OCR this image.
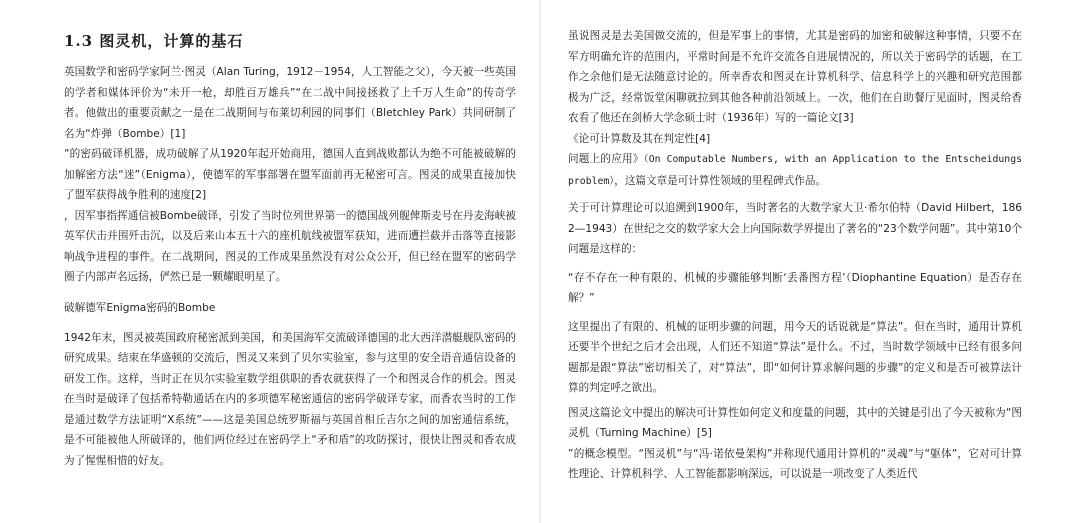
1.3 图灵机，计算的基石

英国数学和密码学家阿兰·图灵（Alan Turing，1912－1954，人工智能之父），今天被一些英国的学者和媒体评价为“未开一枪，却胜百万雄兵”“在二战中间接拯救了上千万人生命”的传奇学者。他做出的重要贡献之一是在二战期间与布莱切利园的同事们（Bletchley Park）共同研制了名为“炸弹（Bombe）[1]

”的密码破译机器，成功破解了从1920年起开始商用，德国人直到战败都认为绝不可能被破解的加解密方法“迷”（Enigma），使德军的军事部署在盟军面前再无秘密可言。图灵的成果直接加快了盟军获得战争胜利的速度[2]

，因军事指挥通信被Bombe破译，引发了当时位列世界第一的德国战列舰俾斯麦号在丹麦海峡被英军伏击并围歼击沉，以及后来山本五十六的座机航线被盟军获知，进而遭拦截并击落等直接影响战争进程的事件。在二战期间，图灵的工作成果虽然没有对公众公开，但已经在盟军的密码学圈子内部声名远扬，俨然已是一颗耀眼明星了。

破解德军Enigma密码的Bombe

1942年末，图灵被英国政府秘密派到美国，和美国海军交流破译德国的北大西洋潜艇舰队密码的研究成果。结束在华盛顿的交流后，图灵又来到了贝尔实验室，参与这里的安全语音通信设备的研发工作。这样，当时正在贝尔实验室数学组供职的香农就获得了一个和图灵合作的机会。图灵在当时是破译了包括希特勒通话在内的多项德军秘密通信的密码学破译专家，而香农当时的工作是通过数学方法证明“X系统”——这是美国总统罗斯福与英国首相丘吉尔之间的加密通信系统，是不可能被他人所破译的，他们两位经过在密码学上“矛和盾”的攻防探讨，很快让图灵和香农成为了惺惺相惜的好友。

虽说图灵是去美国做交流的，但是军事上的事情，尤其是密码的加密和破解这种事情，只要不在军方明确允许的范围内，平常时间是不允许交流各自进展情况的，所以关于密码学的话题，在工作之余他们是无法随意讨论的。所幸香农和图灵在计算机科学、信息科学上的兴趣和研究范围都极为广泛，经常饭堂闲聊就拉到其他各种前沿领域上。一次，他们在自助餐厅见面时，图灵给香农看了他还在剑桥大学念硕士时（1936年）写的一篇论文[3]

《论可计算数及其在判定性[4]

问题上的应用》（On Computable Numbers, with an Application to the Entscheidungsproblem），这篇文章是可计算性领域的里程碑式作品。

关于可计算理论可以追溯到1900年，当时著名的大数学家大卫·希尔伯特（David Hilbert，1862—1943）在世纪之交的数学家大会上向国际数学界提出了著名的“23个数学问题”。其中第10个问题是这样的：

“存不存在一种有限的、机械的步骤能够判断‘丢番图方程’（Diophantine Equation）是否存在解？”

这里提出了有限的、机械的证明步骤的问题，用今天的话说就是“算法”。但在当时，通用计算机还要半个世纪之后才会出现，人们还不知道“算法”是什么。不过，当时数学领域中已经有很多问题都是跟“算法”密切相关了，对“算法”，即“如何计算求解问题的步骤”的定义和是否可被算法计算的判定呼之欲出。

图灵这篇论文中提出的解决可计算性如何定义和度量的问题，其中的关键是引出了今天被称为“图灵机（Turning Machine）[5]

”的概念模型。“图灵机”与“冯·诺依曼架构”并称现代通用计算机的“灵魂”与“躯体”，它对可计算性理论、计算机科学、人工智能都影响深远，可以说是一项改变了人类近代
